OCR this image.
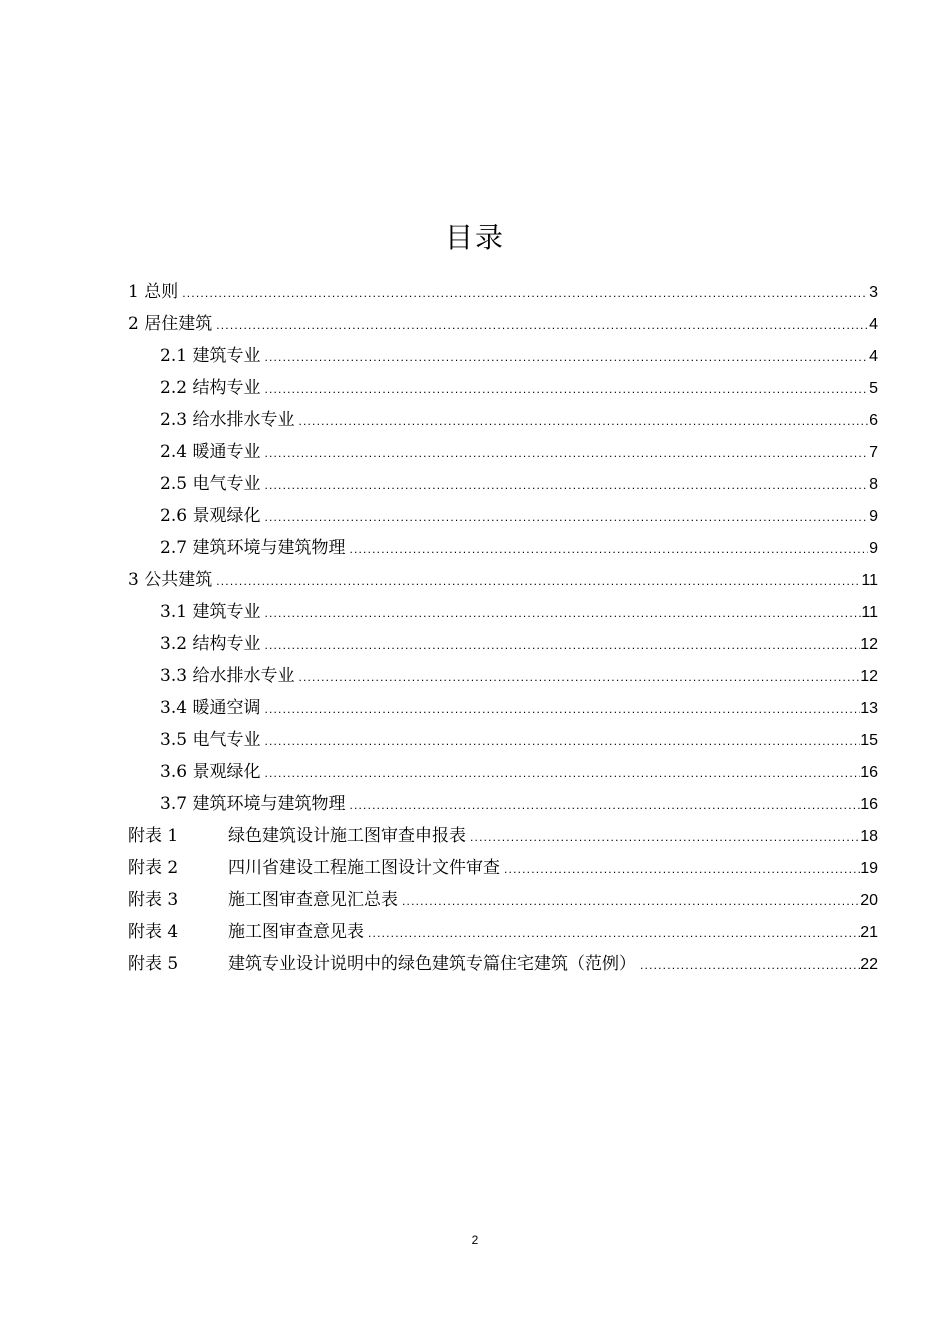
目录
1 总则 .....	3
2 居住建筑 .....	4
2.1 建筑专业 .....	4
2.2 结构专业 .....	5
2.3 给水排水专业 .....	6
2.4 暖通专业 .....	7
2.5 电气专业 .....	8
2.6 景观绿化 .....	9
2.7 建筑环境与建筑物理 .....	9
3 公共建筑 .....	11
3.1 建筑专业 .....	11
3.2 结构专业 .....	12
3.3 给水排水专业 .....	12
3.4 暖通空调 .....	13
3.5 电气专业 .....	15
3.6 景观绿化 .....	16
3.7 建筑环境与建筑物理 .....	16
附表 1	绿色建筑设计施工图审查申报表 .....	18
附表 2	四川省建设工程施工图设计文件审查 .....	19
附表 3	施工图审查意见汇总表 .....	20
附表 4	施工图审查意见表 .....	21
附表 5	建筑专业设计说明中的绿色建筑专篇住宅建筑（范例） .....	22
2
